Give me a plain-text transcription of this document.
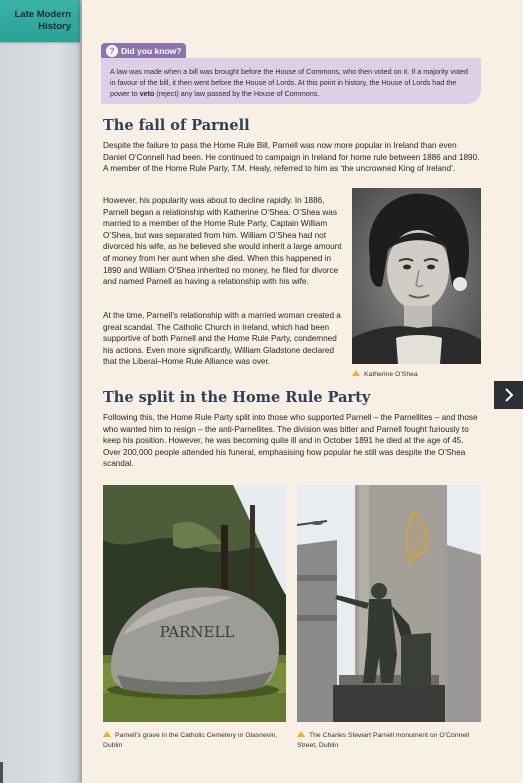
Late Modern
History
? Did you know?

A law was made when a bill was brought before the House of Commons, who then voted on it. If a majority voted in favour of the bill, it then went before the House of Lords. At this point in history, the House of Lords had the power to veto (reject) any law passed by the House of Commons.

The fall of Parnell

Despite the failure to pass the Home Rule Bill, Parnell was now more popular in Ireland than even Daniel O’Connell had been. He continued to campaign in Ireland for home rule between 1886 and 1890. A member of the Home Rule Party, T.M. Healy, referred to him as ‘the uncrowned King of Ireland’.

However, his popularity was about to decline rapidly. In 1886, Parnell began a relationship with Katherine O’Shea. O’Shea was married to a member of the Home Rule Party, Captain William O’Shea, but was separated from him. William O’Shea had not divorced his wife, as he believed she would inherit a large amount of money from her aunt when she died. When this happened in 1890 and William O’Shea inherited no money, he filed for divorce and named Parnell as having a relationship with his wife.

At the time, Parnell’s relationship with a married woman created a great scandal. The Catholic Church in Ireland, which had been supportive of both Parnell and the Home Rule Party, condemned his actions. Even more significantly, William Gladstone declared that the Liberal–Home Rule Alliance was over.

Katherine O’Shea
The split in the Home Rule Party

Following this, the Home Rule Party split into those who supported Parnell – the Parnellites – and those who wanted him to resign – the anti-Parnellites. The division was bitter and Parnell fought furiously to keep his position. However, he was becoming quite ill and in October 1891 he died at the age of 45. Over 200,000 people attended his funeral, emphasising how popular he still was despite the O’Shea scandal.

PARNELL
Parnell’s grave in the Catholic Cemetery in Glasnevin, Dublin
The Charles Stewart Parnell monument on O’Connell Street, Dublin
